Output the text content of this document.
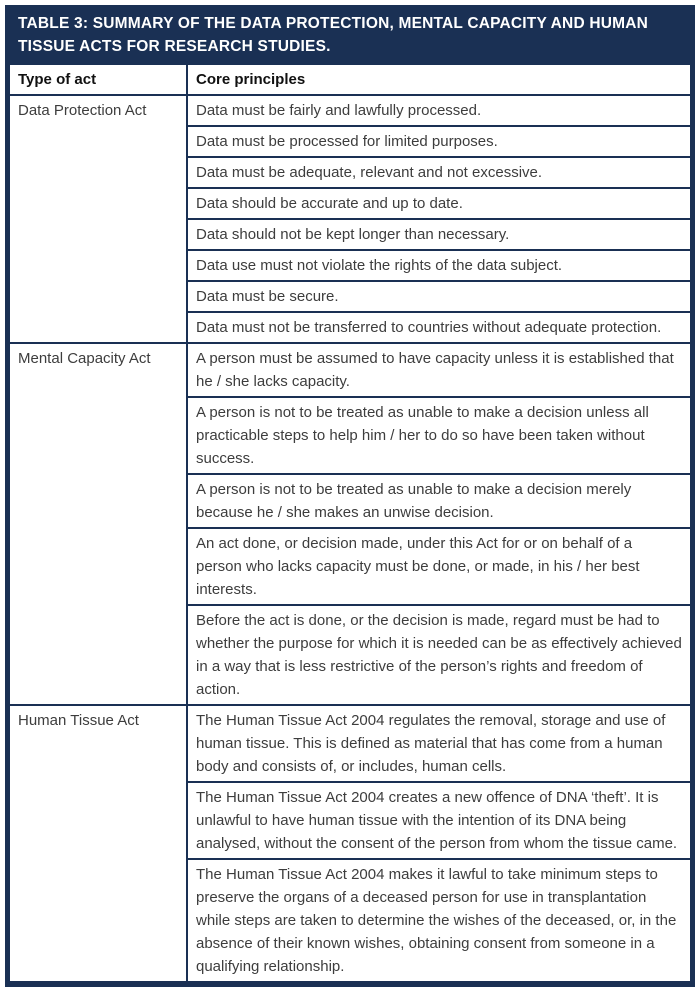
TABLE 3: SUMMARY OF THE DATA PROTECTION, MENTAL CAPACITY AND HUMAN TISSUE ACTS FOR RESEARCH STUDIES.
Type of act	Core principles
Data Protection Act	Data must be fairly and lawfully processed.
	Data must be processed for limited purposes.
	Data must be adequate, relevant and not excessive.
	Data should be accurate and up to date.
	Data should not be kept longer than necessary.
	Data use must not violate the rights of the data subject.
	Data must be secure.
	Data must not be transferred to countries without adequate protection.
Mental Capacity Act	A person must be assumed to have capacity unless it is established that he / she lacks capacity.
	A person is not to be treated as unable to make a decision unless all practicable steps to help him / her to do so have been taken without success.
	A person is not to be treated as unable to make a decision merely because he / she makes an unwise decision.
	An act done, or decision made, under this Act for or on behalf of a person who lacks capacity must be done, or made, in his / her best interests.
	Before the act is done, or the decision is made, regard must be had to whether the purpose for which it is needed can be as effectively achieved in a way that is less restrictive of the person’s rights and freedom of action.
Human Tissue Act	The Human Tissue Act 2004 regulates the removal, storage and use of human tissue. This is defined as material that has come from a human body and consists of, or includes, human cells.
	The Human Tissue Act 2004 creates a new offence of DNA ‘theft’. It is unlawful to have human tissue with the intention of its DNA being analysed, without the consent of the person from whom the tissue came.
	The Human Tissue Act 2004 makes it lawful to take minimum steps to preserve the organs of a deceased person for use in transplantation while steps are taken to determine the wishes of the deceased, or, in the absence of their known wishes, obtaining consent from someone in a qualifying relationship.
